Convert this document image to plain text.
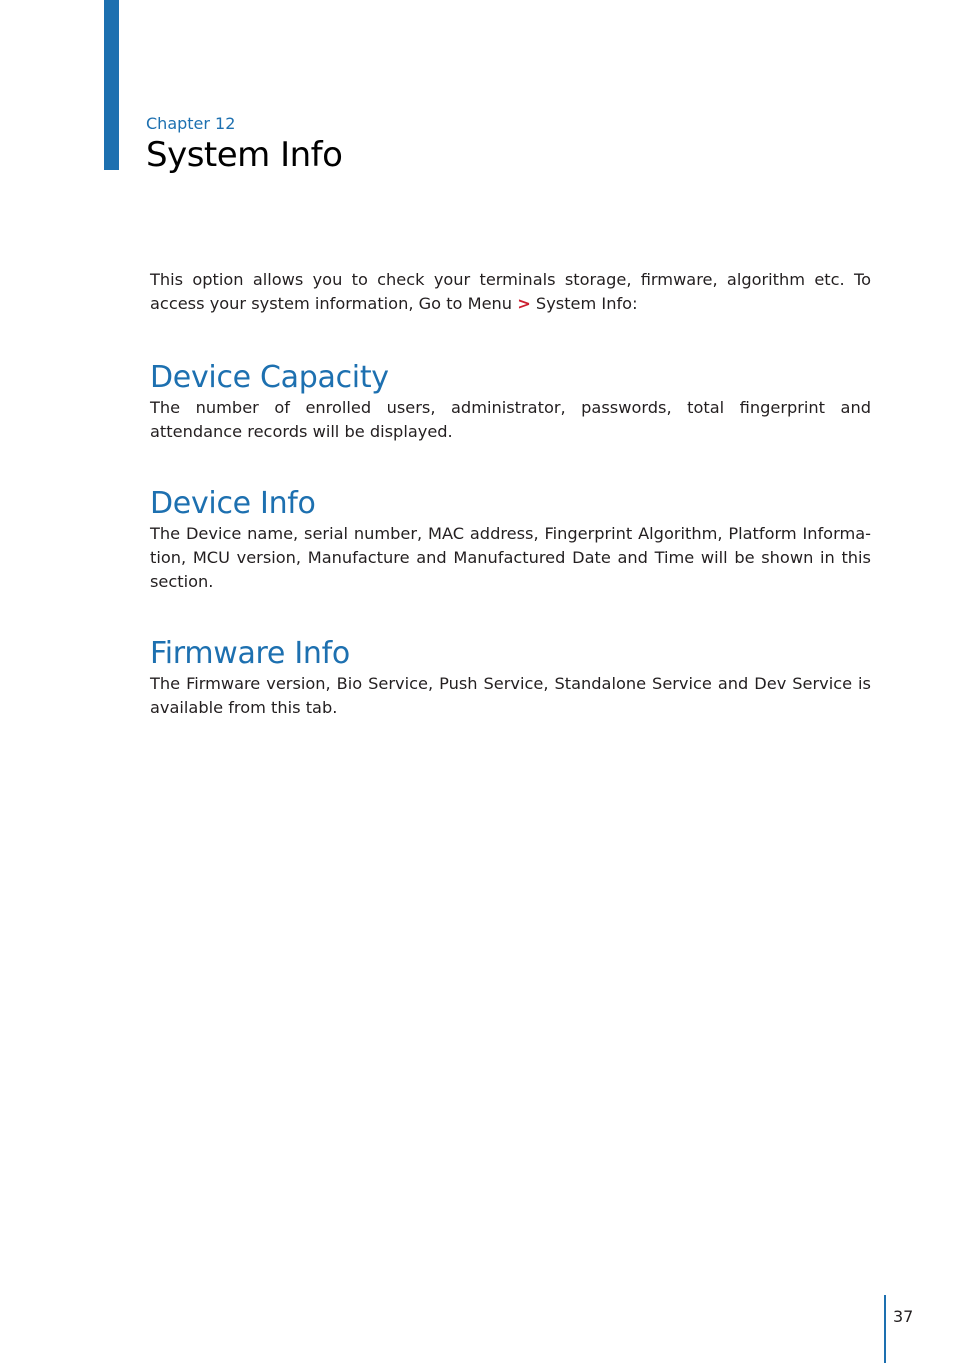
Chapter 12
System Info

This option allows you to check your terminals storage, firmware, algorithm etc. To access your system information, Go to Menu > System Info:

Device Capacity

The number of enrolled users, administrator, passwords, total fingerprint and attendance records will be displayed.

Device Info

The Device name, serial number, MAC address, Fingerprint Algorithm, Platform Information, MCU version, Manufacture and Manufactured Date and Time will be shown in this section.

Firmware Info

The Firmware version, Bio Service, Push Service, Standalone Service and Dev Service is available from this tab.

37
